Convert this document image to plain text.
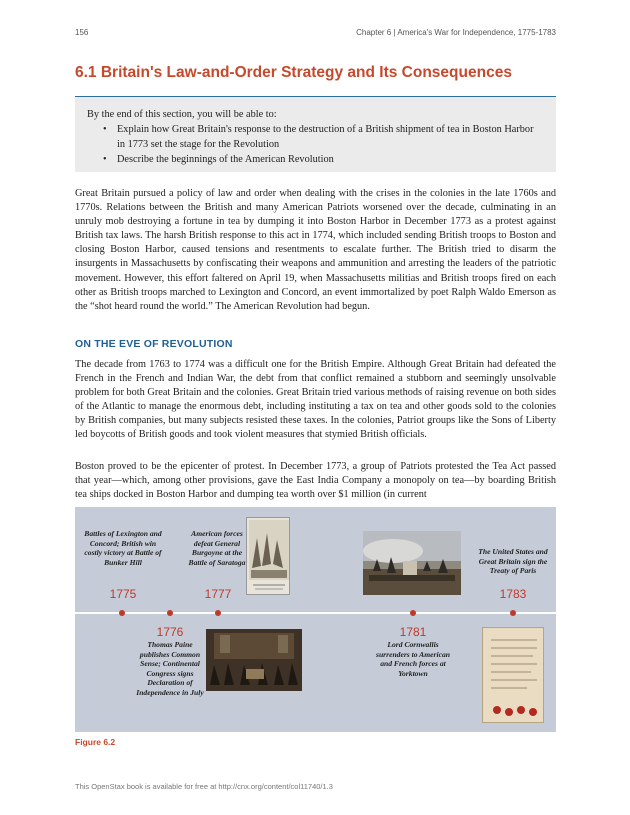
156	Chapter 6 | America's War for Independence, 1775-1783
6.1 Britain's Law-and-Order Strategy and Its Consequences
By the end of this section, you will be able to:
• Explain how Great Britain's response to the destruction of a British shipment of tea in Boston Harbor in 1773 set the stage for the Revolution
• Describe the beginnings of the American Revolution

Great Britain pursued a policy of law and order when dealing with the crises in the colonies in the late 1760s and 1770s. Relations between the British and many American Patriots worsened over the decade, culminating in an unruly mob destroying a fortune in tea by dumping it into Boston Harbor in December 1773 as a protest against British tax laws. The harsh British response to this act in 1774, which included sending British troops to Boston and closing Boston Harbor, caused tensions and resentments to escalate further. The British tried to disarm the insurgents in Massachusetts by confiscating their weapons and ammunition and arresting the leaders of the patriotic movement. However, this effort faltered on April 19, when Massachusetts militias and British troops fired on each other as British troops marched to Lexington and Concord, an event immortalized by poet Ralph Waldo Emerson as the “shot heard round the world.” The American Revolution had begun.

ON THE EVE OF REVOLUTION

The decade from 1763 to 1774 was a difficult one for the British Empire. Although Great Britain had defeated the French in the French and Indian War, the debt from that conflict remained a stubborn and seemingly unsolvable problem for both Great Britain and the colonies. Great Britain tried various methods of raising revenue on both sides of the Atlantic to manage the enormous debt, including instituting a tax on tea and other goods sold to the colonies by British companies, but many subjects resisted these taxes. In the colonies, Patriot groups like the Sons of Liberty led boycotts of British goods and took violent measures that stymied British officials.

Boston proved to be the epicenter of protest. In December 1773, a group of Patriots protested the Tea Act passed that year—which, among other provisions, gave the East India Company a monopoly on tea—by boarding British tea ships docked in Boston Harbor and dumping tea worth over $1 million (in current

Battles of Lexington and Concord; British win costly victory at Battle of Bunker Hill
1775
1776
Thomas Paine publishes Common Sense; Continental Congress signs Declaration of Independence in July
American forces defeat General Burgoyne at the Battle of Saratoga
1777
1781
Lord Cornwallis surrenders to American and French forces at Yorktown
The United States and Great Britain sign the Treaty of Paris
1783
Figure 6.2
This OpenStax book is available for free at http://cnx.org/content/col11740/1.3
